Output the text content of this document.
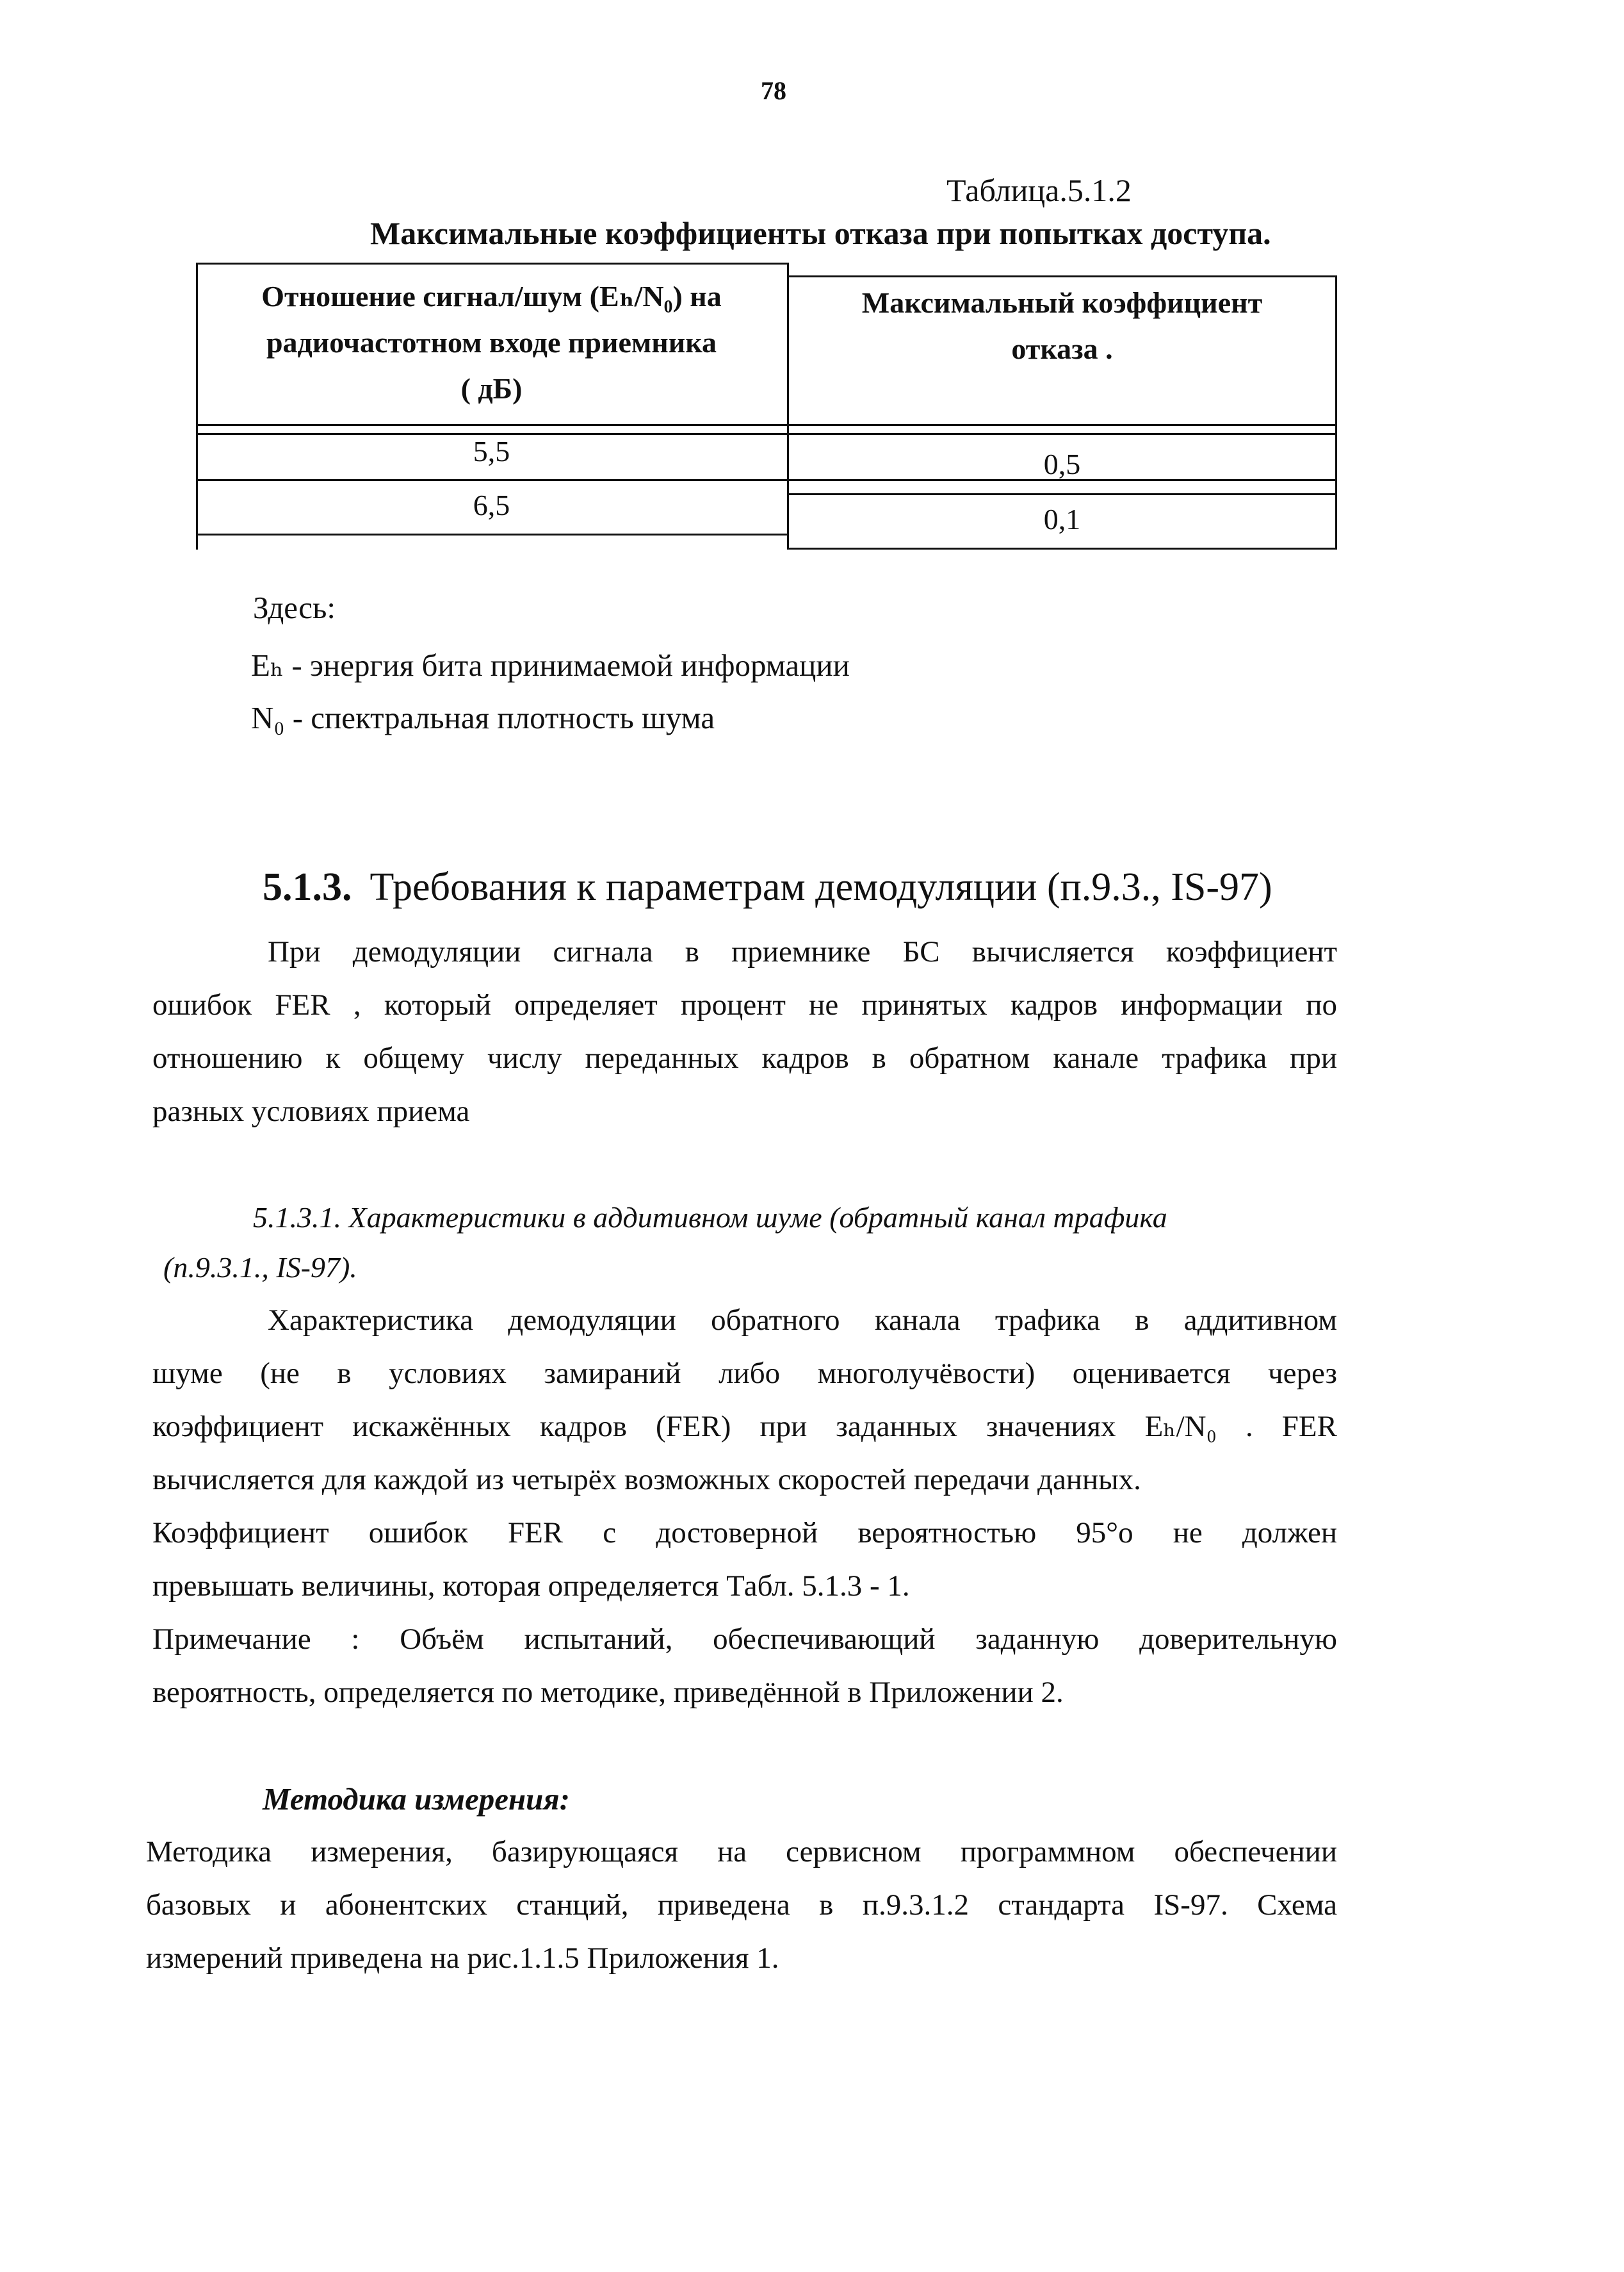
78
Таблица.5.1.2
Максимальные коэффициенты отказа при попытках доступа.
Отношение сигнал/шум (Eₕ/N₀) на
радиочастотном входе приемника
( дБ)
Максимальный коэффициент
отказа .
5,5	0,5
6,5	0,1
Здесь:
Eₕ - энергия бита принимаемой информации
N₀ - спектральная плотность шума
5.1.3. Требования к параметрам демодуляции (п.9.3., IS-97)
При демодуляции сигнала в приемнике БС вычисляется коэффициент
ошибок FER , который определяет процент не принятых кадров информации по
отношению к общему числу переданных кадров в обратном канале трафика при
разных условиях приема
5.1.3.1. Характеристики в аддитивном шуме (обратный канал трафика
(п.9.3.1., IS-97).
Характеристика демодуляции обратного канала трафика в аддитивном
шуме (не в условиях замираний либо многолучёвости) оценивается через
коэффициент искажённых кадров (FER) при заданных значениях Eₕ/N₀ . FER
вычисляется для каждой из четырёх возможных скоростей передачи данных.
Коэффициент ошибок FER с достоверной вероятностью 95°о не должен
превышать величины, которая определяется Табл. 5.1.3 - 1.
Примечание : Объём испытаний, обеспечивающий заданную доверительную
вероятность, определяется по методике, приведённой в Приложении 2.
Методика измерения:
Методика измерения, базирующаяся на сервисном программном обеспечении
базовых и абонентских станций, приведена в п.9.3.1.2 стандарта IS-97. Схема
измерений приведена на рис.1.1.5 Приложения 1.
